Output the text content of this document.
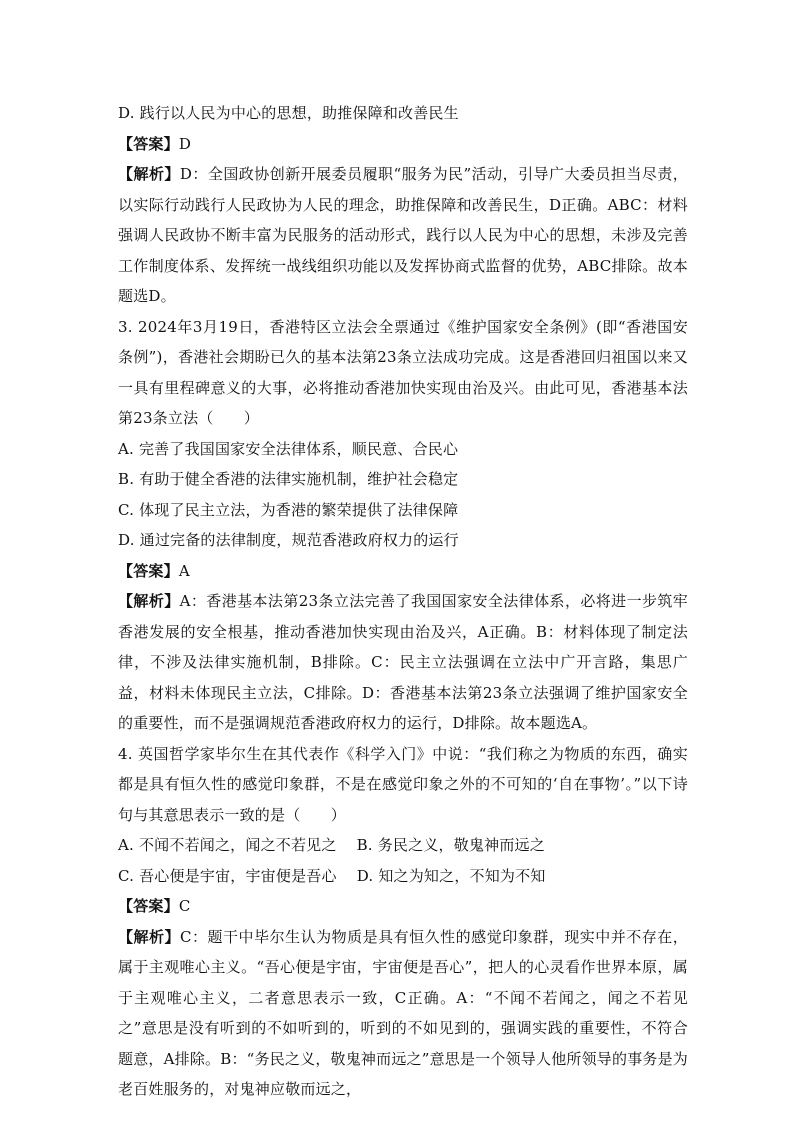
D. 践行以人民为中心的思想，助推保障和改善民生

【答案】D

【解析】D：全国政协创新开展委员履职“服务为民”活动，引导广大委员担当尽责，以实际行动践行人民政协为人民的理念，助推保障和改善民生，D正确。ABC：材料强调人民政协不断丰富为民服务的活动形式，践行以人民为中心的思想，未涉及完善工作制度体系、发挥统一战线组织功能以及发挥协商式监督的优势，ABC排除。故本题选D。

3. 2024年3月19日，香港特区立法会全票通过《维护国家安全条例》(即“香港国安条例”)，香港社会期盼已久的基本法第23条立法成功完成。这是香港回归祖国以来又一具有里程碑意义的大事，必将推动香港加快实现由治及兴。由此可见，香港基本法第23条立法（　　）

A. 完善了我国国家安全法律体系，顺民意、合民心

B. 有助于健全香港的法律实施机制，维护社会稳定

C. 体现了民主立法，为香港的繁荣提供了法律保障

D. 通过完备的法律制度，规范香港政府权力的运行

【答案】A

【解析】A：香港基本法第23条立法完善了我国国家安全法律体系，必将进一步筑牢香港发展的安全根基，推动香港加快实现由治及兴，A正确。B：材料体现了制定法律，不涉及法律实施机制，B排除。C：民主立法强调在立法中广开言路，集思广益，材料未体现民主立法，C排除。D：香港基本法第23条立法强调了维护国家安全的重要性，而不是强调规范香港政府权力的运行，D排除。故本题选A。

4. 英国哲学家毕尔生在其代表作《科学入门》中说：“我们称之为物质的东西，确实都是具有恒久性的感觉印象群，不是在感觉印象之外的不可知的‘自在事物’。”以下诗句与其意思表示一致的是（　　）

A. 不闻不若闻之，闻之不若见之 B. 务民之义，敬鬼神而远之
C. 吾心便是宇宙，宇宙便是吾心 D. 知之为知之，不知为不知

【答案】C

【解析】C：题干中毕尔生认为物质是具有恒久性的感觉印象群，现实中并不存在，属于主观唯心主义。“吾心便是宇宙，宇宙便是吾心”，把人的心灵看作世界本原，属于主观唯心主义，二者意思表示一致，C正确。A：“不闻不若闻之，闻之不若见之”意思是没有听到的不如听到的，听到的不如见到的，强调实践的重要性，不符合题意，A排除。B：“务民之义，敬鬼神而远之”意思是一个领导人他所领导的事务是为老百姓服务的，对鬼神应敬而远之，
